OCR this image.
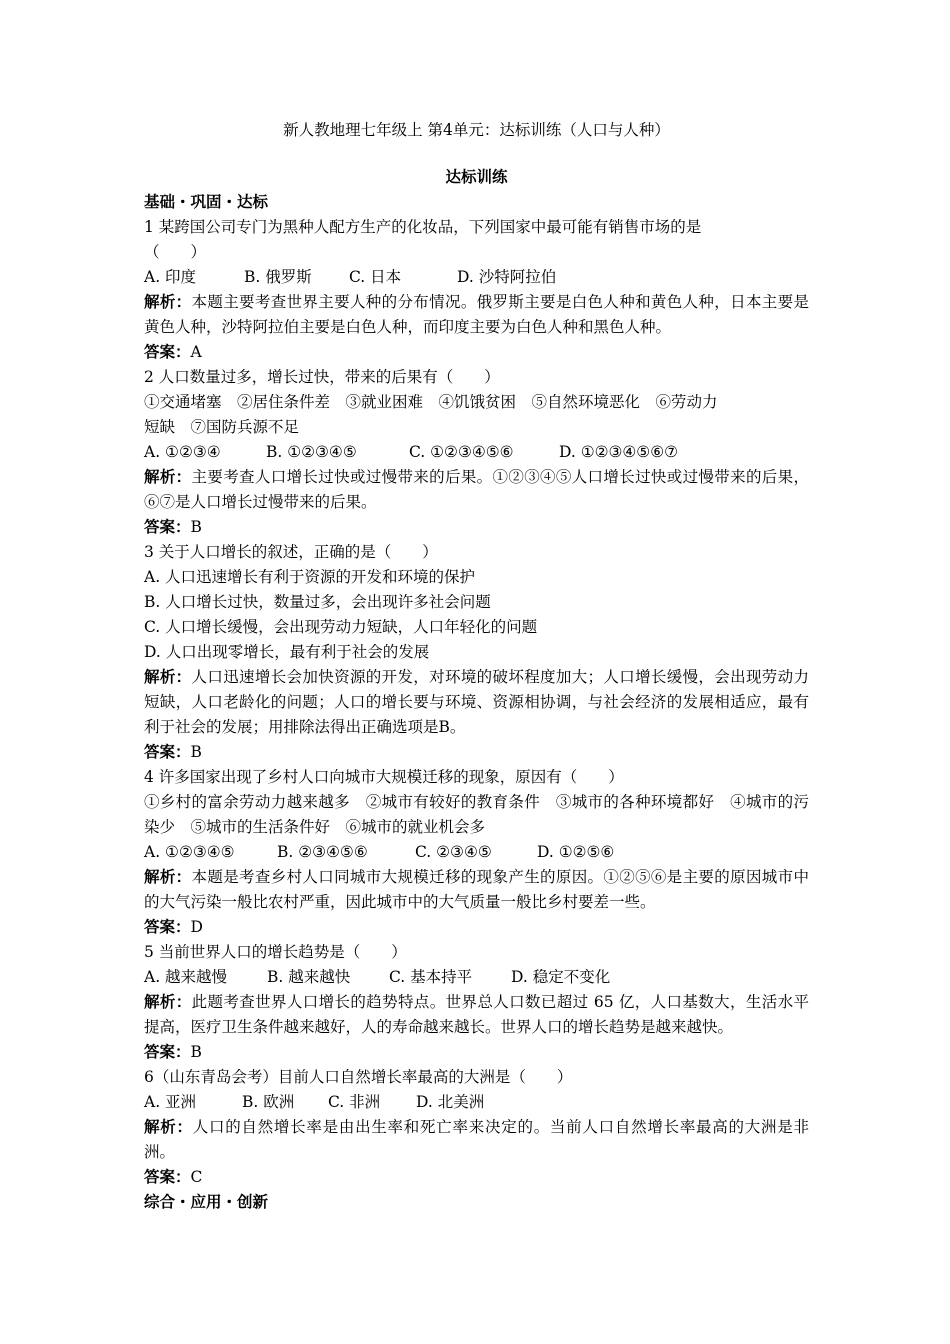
新人教地理七年级上 第4单元：达标训练（人口与人种）
达标训练
基础・巩固・达标
1 某跨国公司专门为黑种人配方生产的化妆品，下列国家中最可能有销售市场的是
（　　）
A. 印度	B. 俄罗斯 C. 日本	D. 沙特阿拉伯
解析：本题主要考查世界主要人种的分布情况。俄罗斯主要是白色人种和黄色人种，日本主要是黄色人种，沙特阿拉伯主要是白色人种，而印度主要为白色人种和黑色人种。
答案：A
2 人口数量过多，增长过快，带来的后果有（　　）
①交通堵塞　②居住条件差　③就业困难　④饥饿贫困　⑤自然环境恶化　⑥劳动力
短缺　⑦国防兵源不足
A. ①②③④	B. ①②③④⑤	C. ①②③④⑤⑥	D. ①②③④⑤⑥⑦
解析：主要考查人口增长过快或过慢带来的后果。①②③④⑤人口增长过快或过慢带来的后果，⑥⑦是人口增长过慢带来的后果。
答案：B
3 关于人口增长的叙述，正确的是（　　）
A. 人口迅速增长有利于资源的开发和环境的保护
B. 人口增长过快，数量过多，会出现许多社会问题
C. 人口增长缓慢，会出现劳动力短缺，人口年轻化的问题
D. 人口出现零增长，最有利于社会的发展
解析：人口迅速增长会加快资源的开发，对环境的破坏程度加大；人口增长缓慢，会出现劳动力短缺，人口老龄化的问题；人口的增长要与环境、资源相协调，与社会经济的发展相适应，最有利于社会的发展；用排除法得出正确选项是B。
答案：B
4 许多国家出现了乡村人口向城市大规模迁移的现象，原因有（　　）
①乡村的富余劳动力越来越多　②城市有较好的教育条件　③城市的各种环境都好　④城市的污染少　⑤城市的生活条件好　⑥城市的就业机会多
A. ①②③④⑤	B. ②③④⑤⑥	C. ②③④⑤	D. ①②⑤⑥
解析：本题是考查乡村人口同城市大规模迁移的现象产生的原因。①②⑤⑥是主要的原因城市中的大气污染一般比农村严重，因此城市中的大气质量一般比乡村要差一些。
答案：D
5 当前世界人口的增长趋势是（　　）
A. 越来越慢	B. 越来越快	C. 基本持平	D. 稳定不变化
解析：此题考查世界人口增长的趋势特点。世界总人口数已超过 65 亿，人口基数大，生活水平提高，医疗卫生条件越来越好，人的寿命越来越长。世界人口的增长趋势是越来越快。
答案：B
6（山东青岛会考）目前人口自然增长率最高的大洲是（　　）
A. 亚洲	B. 欧洲 C. 非洲 D. 北美洲
解析：人口的自然增长率是由出生率和死亡率来决定的。当前人口自然增长率最高的大洲是非洲。
答案：C
综合・应用・创新
